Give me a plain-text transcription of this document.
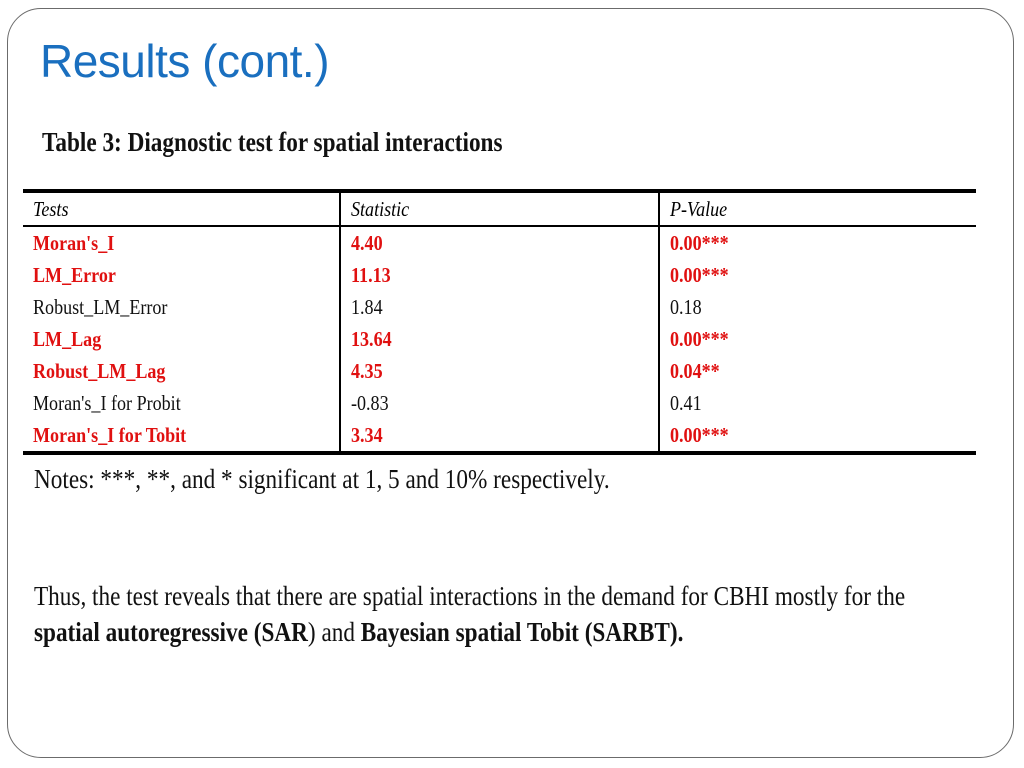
Results (cont.)
Table 3: Diagnostic test for spatial interactions
Tests	Statistic	P-Value
Moran's_I	4.40	0.00***
LM_Error	11.13	0.00***
Robust_LM_Error	1.84	0.18
LM_Lag	13.64	0.00***
Robust_LM_Lag	4.35	0.04**
Moran's_I for Probit	-0.83	0.41
Moran's_I for Tobit	3.34	0.00***
Notes: ***, **, and * significant at 1, 5 and 10% respectively.
Thus, the test reveals that there are spatial interactions in the demand for CBHI mostly for the spatial autoregressive (SAR) and Bayesian spatial Tobit (SARBT).
